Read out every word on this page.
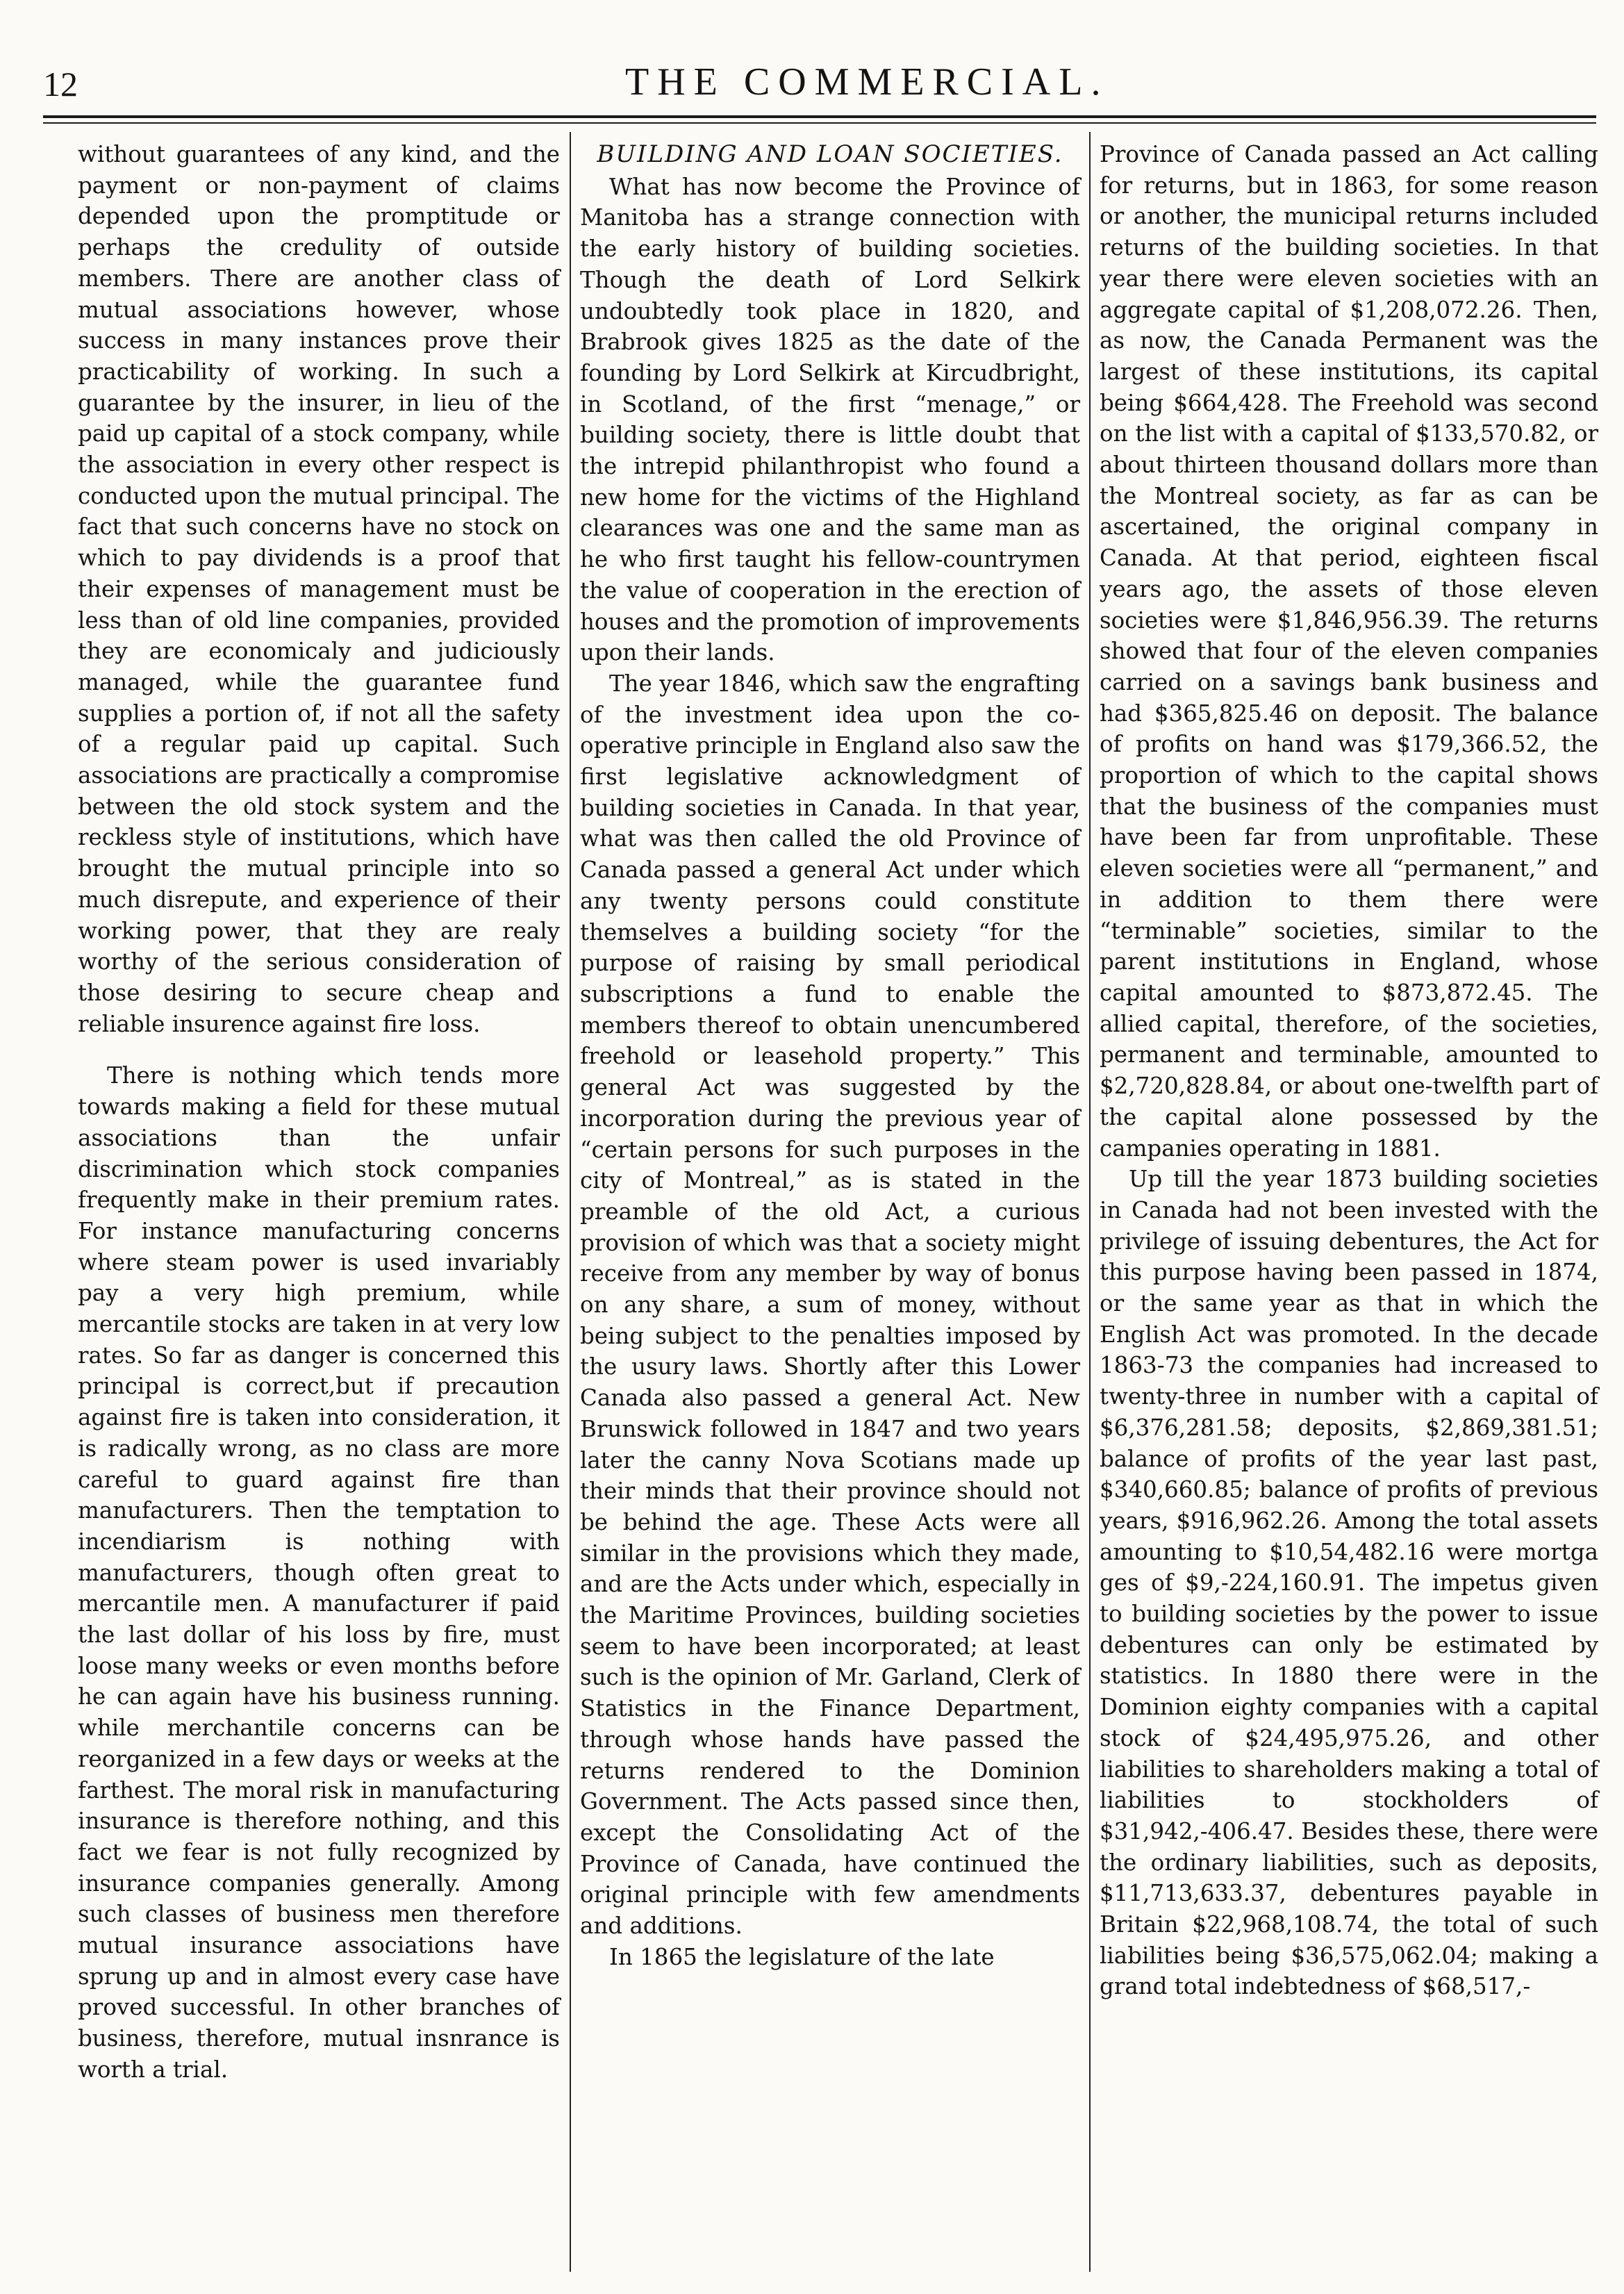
12	THE COMMERCIAL.

without guarantees of any kind, and the payment or non-payment of claims depended upon the promptitude or perhaps the credulity of outside members. There are another class of mutual associations however, whose success in many instances prove their practicability of working. In such a guarantee by the insurer, in lieu of the paid up capital of a stock company, while the association in every other respect is conducted upon the mutual principal. The fact that such concerns have no stock on which to pay dividends is a proof that their expenses of management must be less than of old line companies, provided they are economicaly and judiciously managed, while the guarantee fund supplies a portion of, if not all the safety of a regular paid up capital. Such associations are practically a compromise between the old stock system and the reckless style of institutions, which have brought the mutual principle into so much disrepute, and experience of their working power, that they are realy worthy of the serious consideration of those desiring to secure cheap and reliable insurence against fire loss.

There is nothing which tends more towards making a field for these mutual associations than the unfair discrimination which stock companies frequently make in their premium rates. For instance manufacturing concerns where steam power is used invariably pay a very high premium, while mercantile stocks are taken in at very low rates. So far as danger is concerned this principal is correct,but if precaution against fire is taken into consideration, it is radically wrong, as no class are more careful to guard against fire than manufacturers. Then the temptation to incendiarism is nothing with manufacturers, though often great to mercantile men. A manufacturer if paid the last dollar of his loss by fire, must loose many weeks or even months before he can again have his business running. while merchantile concerns can be reorganized in a few days or weeks at the farthest. The moral risk in manufacturing insurance is therefore nothing, and this fact we fear is not fully recognized by insurance companies generally. Among such classes of business men therefore mutual insurance associations have sprung up and in almost every case have proved successful. In other branches of business, therefore, mutual insnrance is worth a trial.

BUILDING AND LOAN SOCIETIES.

What has now become the Province of Manitoba has a strange connection with the early history of building societies. Though the death of Lord Selkirk undoubtedly took place in 1820, and Brabrook gives 1825 as the date of the founding by Lord Selkirk at Kircudbright, in Scotland, of the first “menage,” or building society, there is little doubt that the intrepid philanthropist who found a new home for the victims of the Highland clearances was one and the same man as he who first taught his fellow-countrymen the value of cooperation in the erection of houses and the promotion of improvements upon their lands.

The year 1846, which saw the engrafting of the investment idea upon the co-operative principle in England also saw the first legislative acknowledgment of building societies in Canada. In that year, what was then called the old Province of Canada passed a general Act under which any twenty persons could constitute themselves a building society “for the purpose of raising by small periodical subscriptions a fund to enable the members thereof to obtain unencumbered freehold or leasehold property.” This general Act was suggested by the incorporation during the previous year of “certain persons for such purposes in the city of Montreal,” as is stated in the preamble of the old Act, a curious provision of which was that a society might receive from any member by way of bonus on any share, a sum of money, without being subject to the penalties imposed by the usury laws. Shortly after this Lower Canada also passed a general Act. New Brunswick followed in 1847 and two years later the canny Nova Scotians made up their minds that their province should not be behind the age. These Acts were all similar in the provisions which they made, and are the Acts under which, especially in the Maritime Provinces, building societies seem to have been incorporated; at least such is the opinion of Mr. Garland, Clerk of Statistics in the Finance Department, through whose hands have passed the returns rendered to the Dominion Government. The Acts passed since then, except the Consolidating Act of the Province of Canada, have continued the original principle with few amendments and additions.

In 1865 the legislature of the late

Province of Canada passed an Act calling for returns, but in 1863, for some reason or another, the municipal returns included returns of the building societies. In that year there were eleven societies with an aggregate capital of $1,208,072.26. Then, as now, the Canada Permanent was the largest of these institutions, its capital being $664,428. The Freehold was second on the list with a capital of $133,570.82, or about thirteen thousand dollars more than the Montreal society, as far as can be ascertained, the original company in Canada. At that period, eighteen fiscal years ago, the assets of those eleven societies were $1,846,956.39. The returns showed that four of the eleven companies carried on a savings bank business and had $365,825.46 on deposit. The balance of profits on hand was $179,366.52, the proportion of which to the capital shows that the business of the companies must have been far from unprofitable. These eleven societies were all “permanent,” and in addition to them there were “terminable” societies, similar to the parent institutions in England, whose capital amounted to $873,872.45. The allied capital, therefore, of the societies, permanent and terminable, amounted to $2,720,828.84, or about one-twelfth part of the capital alone possessed by the campanies operating in 1881.

Up till the year 1873 building societies in Canada had not been invested with the privilege of issuing debentures, the Act for this purpose having been passed in 1874, or the same year as that in which the English Act was promoted. In the decade 1863-73 the companies had increased to twenty-three in number with a capital of $6,376,281.58; deposits, $2,869,381.51; balance of profits of the year last past, $340,660.85; balance of profits of previous years, $916,962.26. Among the total assets amounting to $10,54,482.16 were mortga ges of $9,-224,160.91. The impetus given to building societies by the power to issue debentures can only be estimated by statistics. In 1880 there were in the Dominion eighty companies with a capital stock of $24,495,975.26, and other liabilities to shareholders making a total of liabilities to stockholders of $31,942,-406.47. Besides these, there were the ordinary liabilities, such as deposits, $11,713,633.37, debentures payable in Britain $22,968,108.74, the total of such liabilities being $36,575,062.04; making a grand total indebtedness of $68,517,-
